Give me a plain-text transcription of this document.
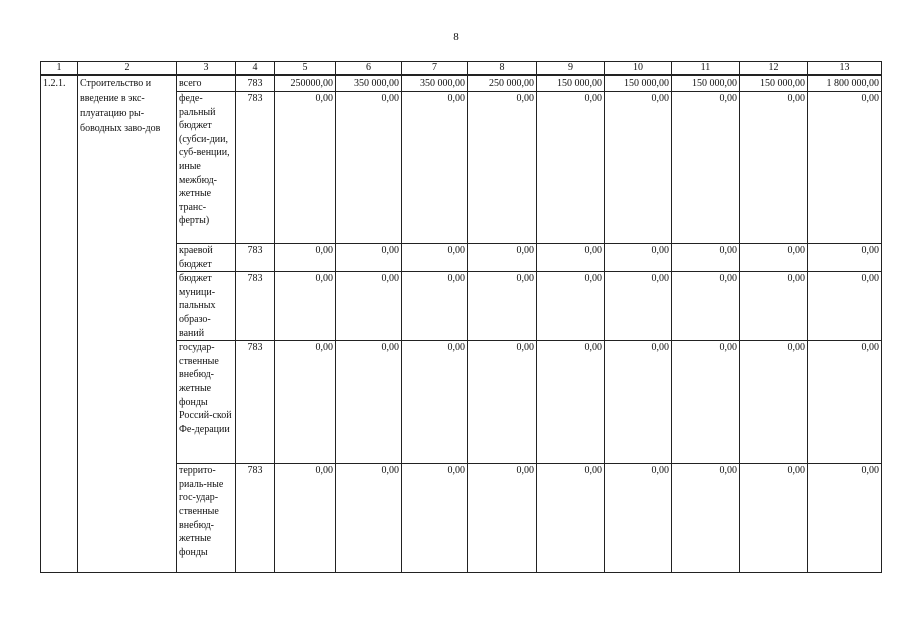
8
1	2	3	4	5	6	7	8	9	10	11	12	13
1.2.1.	Строительство и введение в экс-плуатацию ры-боводных заво-дов	всего	783	250000,00	350 000,00	350 000,00	250 000,00	150 000,00	150 000,00	150 000,00	150 000,00	1 800 000,00
		феде-ральный бюджет (субси-дии, суб-венции, иные межбюд-жетные транс-ферты)	783	0,00	0,00	0,00	0,00	0,00	0,00	0,00	0,00	0,00
		краевой бюджет	783	0,00	0,00	0,00	0,00	0,00	0,00	0,00	0,00	0,00
		бюджет муници-пальных образо-ваний	783	0,00	0,00	0,00	0,00	0,00	0,00	0,00	0,00	0,00
		государ-ственные внебюд-жетные фонды Россий-ской Фе-дерации	783	0,00	0,00	0,00	0,00	0,00	0,00	0,00	0,00	0,00
		террито-риаль-ные гос-удар-ственные внебюд-жетные фонды	783	0,00	0,00	0,00	0,00	0,00	0,00	0,00	0,00	0,00
